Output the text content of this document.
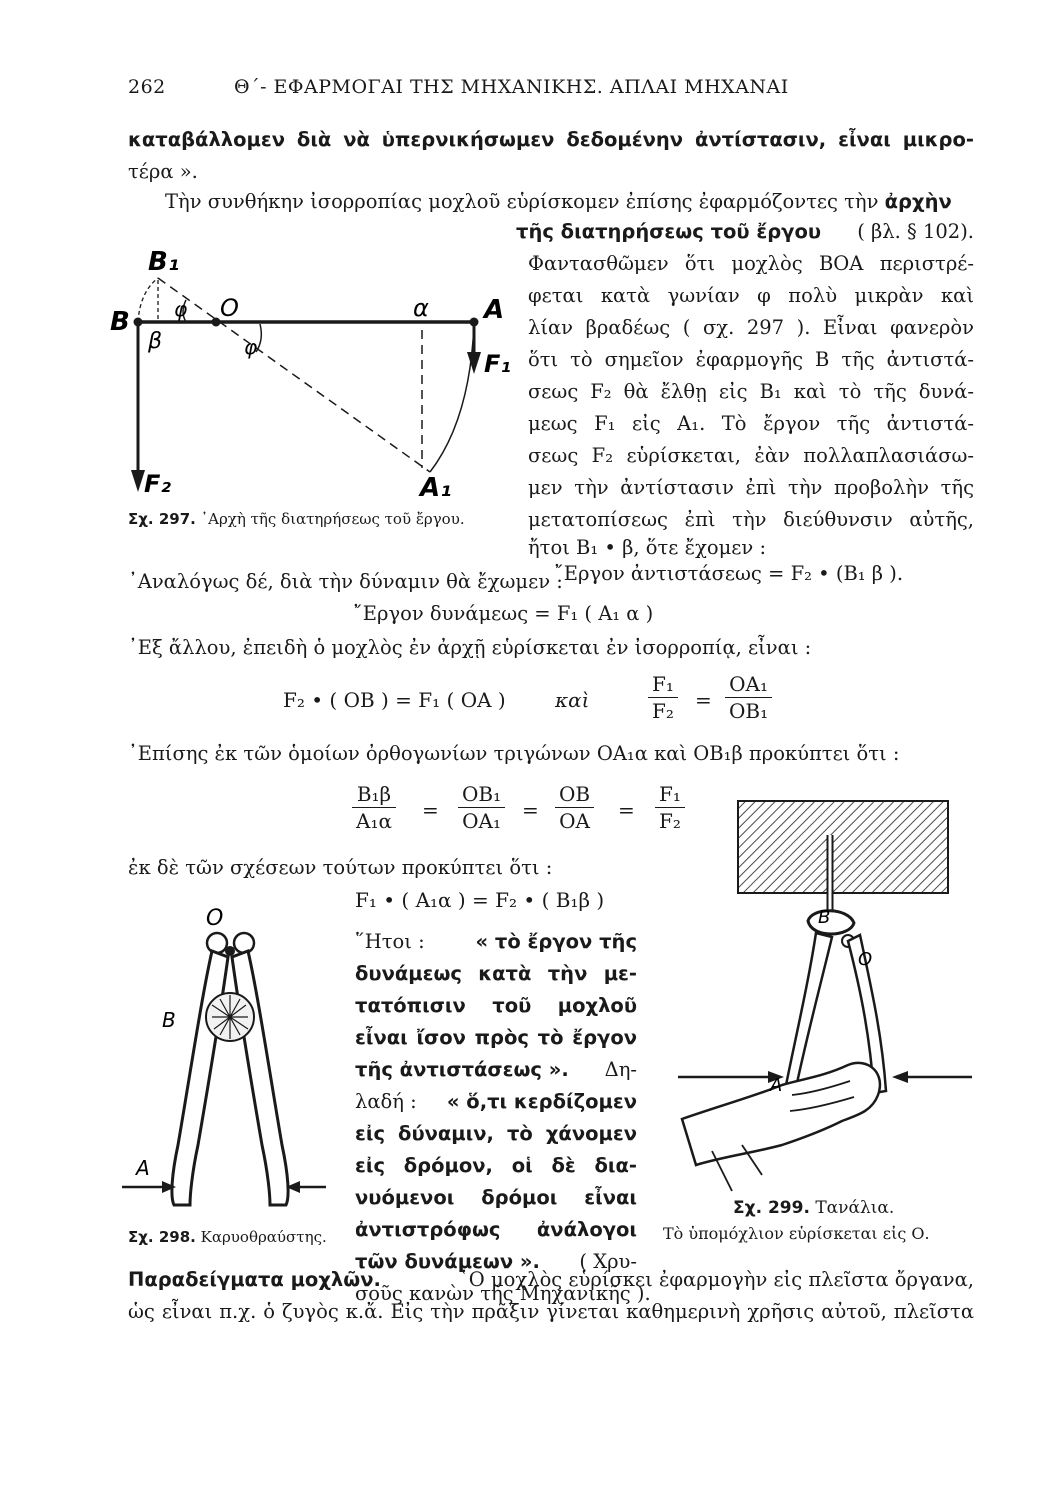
262	Θ΄- ΕΦΑΡΜΟΓΑΙ ΤΗΣ ΜΗΧΑΝΙΚΗΣ. ΑΠΛΑΙ ΜΗΧΑΝΑΙ
καταβάλλομεν διὰ νὰ ὑπερνικήσωμεν δεδομένην ἀντίστασιν, εἶναι μικρο-
τέρα ».
Τὴν συνθήκην ἰσορροπίας μοχλοῦ εὑρίσκομεν ἐπίσης ἐφαρμόζοντες τὴν ἀρχὴν
τῆς διατηρήσεως τοῦ ἔργου ( βλ. § 102).
Φαντασθῶμεν ὅτι μοχλὸς ΒΟΑ περιστρέ-
φεται κατὰ γωνίαν φ πολὺ μικρὰν καὶ
λίαν βραδέως ( σχ. 297 ). Εἶναι φανερὸν
ὅτι τὸ σημεῖον ἐφαρμογῆς Β τῆς ἀντιστά-
σεως F₂ θὰ ἔλθῃ εἰς Β₁ καὶ τὸ τῆς δυνά-
μεως F₁ εἰς Α₁. Τὸ ἔργον τῆς ἀντιστά-
σεως F₂ εὑρίσκεται, ἐὰν πολλαπλασιάσω-
μεν τὴν ἀντίστασιν ἐπὶ τὴν προβολὴν τῆς
μετατοπίσεως ἐπὶ τὴν διεύθυνσιν αὐτῆς,
ἤτοι Β₁ • β, ὅτε ἔχομεν :
῎Εργον ἀντιστάσεως = F₂ • (Β₁ β ).
B₁
B
β
φ O
φ
α A
F₁
F₂	A₁
Σχ. 297. ᾿Αρχὴ τῆς διατηρήσεως τοῦ ἔργου.
᾿Αναλόγως δέ, διὰ τὴν δύναμιν θὰ ἔχωμεν :
῎Εργον δυνάμεως = F₁ ( Α₁ α )
᾿Εξ ἄλλου, ἐπειδὴ ὁ μοχλὸς ἐν ἀρχῇ εὑρίσκεται ἐν ἰσορροπίᾳ, εἶναι :
F₂ • ( ΟΒ ) = F₁ ( ΟΑ ) καὶ	$\frac{\text{F₁}}{\text{F₂}} = \frac{\text{ΟΑ₁}}{\text{ΟΒ₁}}$
᾿Επίσης ἐκ τῶν ὁμοίων ὀρθογωνίων τριγώνων ΟΑ₁α καὶ ΟΒ₁β προκύπτει ὅτι :
$\frac{\text{Β₁β}}{\text{Α₁α}} = \frac{\text{ΟΒ₁}}{\text{ΟΑ₁}} = \frac{OB}{OA} = \frac{\text{F₁}}{\text{F₂}}$
ἐκ δὲ τῶν σχέσεων τούτων προκύπτει ὅτι :
F₁ • ( Α₁α ) = F₂ • ( Β₁β )
῞Ητοι :	« τὸ ἔργον τῆς
δυνάμεως κατὰ τὴν με-
τατόπισιν τοῦ μοχλοῦ
εἶναι ἴσον πρὸς τὸ ἔργον
τῆς ἀντιστάσεως ». Δη-
λαδή : « ὅ,τι κερδίζομεν
εἰς δύναμιν, τὸ χάνομεν
εἰς δρόμον, οἱ δὲ δια-
νυόμενοι δρόμοι εἶναι
ἀντιστρόφως ἀνάλογοι
τῶν δυνάμεων ». ( Χρυ-
σοῦς κανὼν τῆς Μηχανικῆς ).
O
B
A
Σχ. 298. Καρυοθραύστης.
B
O
A
Σχ. 299. Τανάλια.
Τὸ ὑπομόχλιον εὑρίσκεται εἰς Ο.
Παραδείγματα μοχλῶν.	῾Ο μοχλὸς εὑρίσκει ἐφαρμογὴν εἰς πλεῖστα ὄργανα,
ὡς εἶναι π.χ. ὁ ζυγὸς κ.ἄ. Εἰς τὴν πρᾶξιν γίνεται καθημερινὴ χρῆσις αὐτοῦ, πλεῖστα
